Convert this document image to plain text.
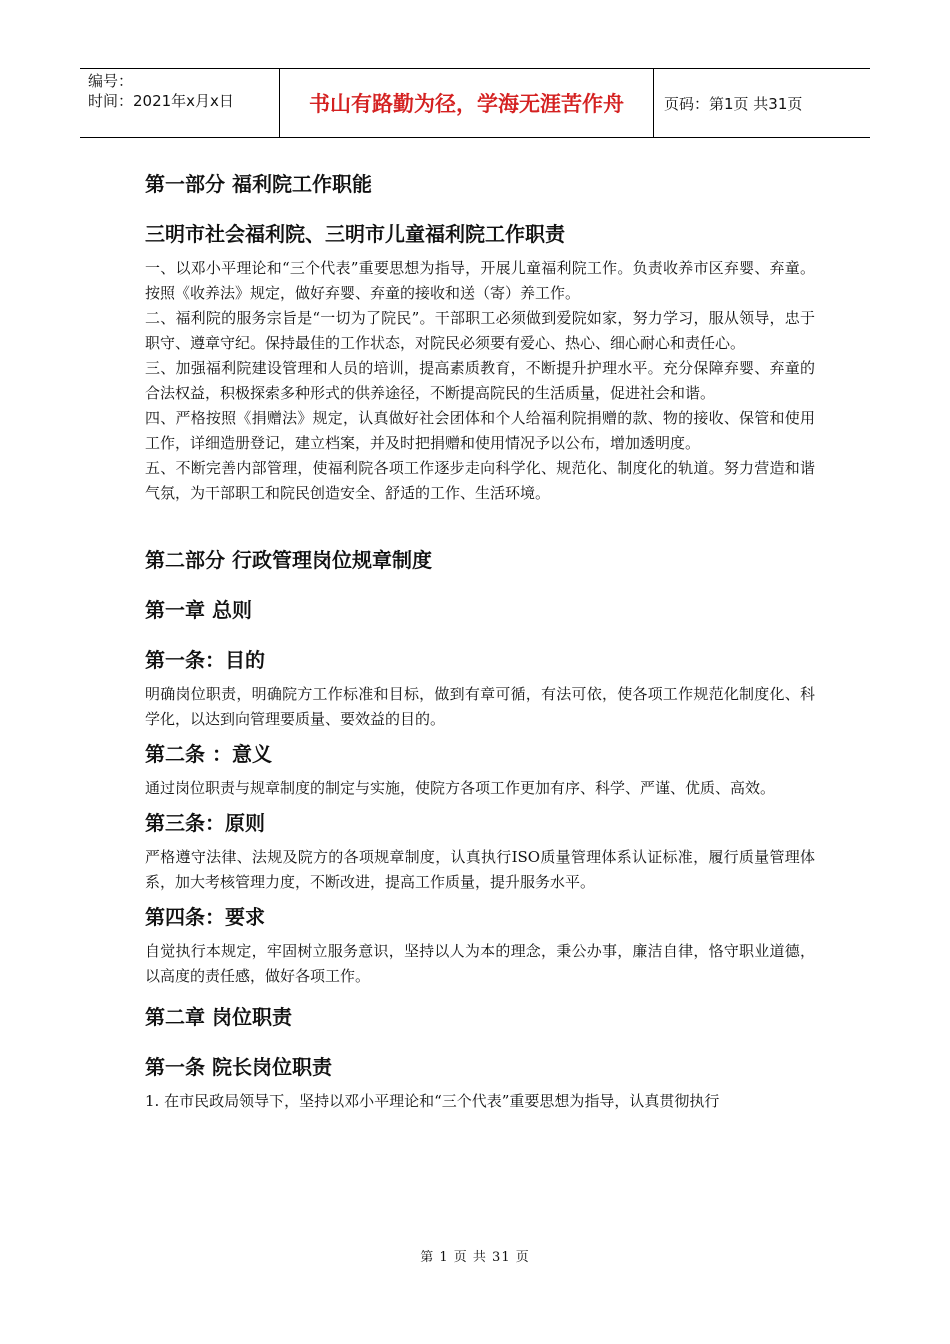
编号：
时间：2021年x月x日	书山有路勤为径，学海无涯苦作舟	页码：第1页 共31页
第一部分 福利院工作职能
三明市社会福利院、三明市儿童福利院工作职责

一、以邓小平理论和“三个代表”重要思想为指导，开展儿童福利院工作。负责收养市区弃婴、弃童。按照《收养法》规定，做好弃婴、弃童的接收和送（寄）养工作。

二、福利院的服务宗旨是“一切为了院民”。干部职工必须做到爱院如家，努力学习，服从领导，忠于职守、遵章守纪。保持最佳的工作状态，对院民必须要有爱心、热心、细心耐心和责任心。

三、加强福利院建设管理和人员的培训，提高素质教育，不断提升护理水平。充分保障弃婴、弃童的合法权益，积极探索多种形式的供养途径，不断提高院民的生活质量，促进社会和谐。

四、严格按照《捐赠法》规定，认真做好社会团体和个人给福利院捐赠的款、物的接收、保管和使用工作，详细造册登记，建立档案，并及时把捐赠和使用情况予以公布，增加透明度。

五、不断完善内部管理，使福利院各项工作逐步走向科学化、规范化、制度化的轨道。努力营造和谐气氛，为干部职工和院民创造安全、舒适的工作、生活环境。

第二部分 行政管理岗位规章制度
第一章 总则
第一条：目的

明确岗位职责，明确院方工作标准和目标，做到有章可循，有法可依，使各项工作规范化制度化、科学化，以达到向管理要质量、要效益的目的。

第二条 ：意义

通过岗位职责与规章制度的制定与实施，使院方各项工作更加有序、科学、严谨、优质、高效。

第三条：原则

严格遵守法律、法规及院方的各项规章制度，认真执行ISO质量管理体系认证标准，履行质量管理体系，加大考核管理力度，不断改进，提高工作质量，提升服务水平。

第四条：要求

自觉执行本规定，牢固树立服务意识，坚持以人为本的理念，秉公办事，廉洁自律，恪守职业道德，以高度的责任感，做好各项工作。

第二章 岗位职责
第一条 院长岗位职责

1. 在市民政局领导下，坚持以邓小平理论和“三个代表”重要思想为指导，认真贯彻执行

第 1 页 共 31 页
